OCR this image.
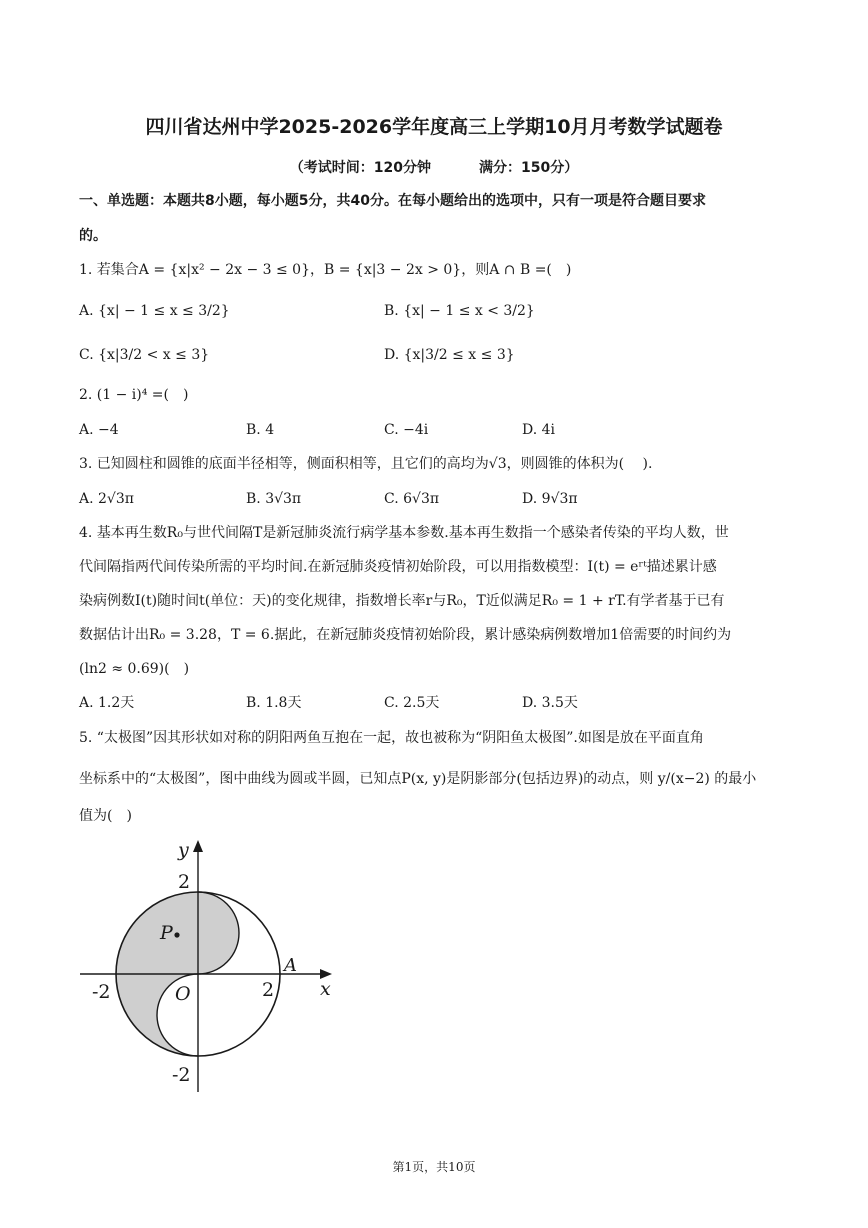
四川省达州中学2025-2026学年度高三上学期10月月考数学试题卷
（考试时间：120分钟	满分：150分）
一、单选题：本题共8小题，每小题5分，共40分。在每小题给出的选项中，只有一项是符合题目要求
的。
1. 若集合A = {x|x² − 2x − 3 ≤ 0}，B = {x|3 − 2x > 0}，则A ∩ B =(　)
A. {x| − 1 ≤ x ≤ 3/2}	B. {x| − 1 ≤ x < 3/2}
C. {x|3/2 < x ≤ 3}	D. {x|3/2 ≤ x ≤ 3}
2. (1 − i)⁴ =(　)
A. −4	B. 4	C. −4i	D. 4i
3. 已知圆柱和圆锥的底面半径相等，侧面积相等，且它们的高均为√3，则圆锥的体积为(　 ).
A. 2√3π	B. 3√3π	C. 6√3π	D. 9√3π
4. 基本再生数R₀与世代间隔T是新冠肺炎流行病学基本参数.基本再生数指一个感染者传染的平均人数，世
代间隔指两代间传染所需的平均时间.在新冠肺炎疫情初始阶段，可以用指数模型：I(t) = eʳᵗ描述累计感
染病例数I(t)随时间t(单位：天)的变化规律，指数增长率r与R₀，T近似满足R₀ = 1 + rT.有学者基于已有
数据估计出R₀ = 3.28，T = 6.据此，在新冠肺炎疫情初始阶段，累计感染病例数增加1倍需要的时间约为
(ln2 ≈ 0.69)(　)
A. 1.2天	B. 1.8天	C. 2.5天	D. 3.5天
5. “太极图”因其形状如对称的阴阳两鱼互抱在一起，故也被称为“阴阳鱼太极图”.如图是放在平面直角
坐标系中的“太极图”，图中曲线为圆或半圆，已知点P(x, y)是阴影部分(包括边界)的动点，则 y/(x−2) 的最小
值为(　)
y
x
O
P
A
2
-2
2
-2
第1页，共10页
